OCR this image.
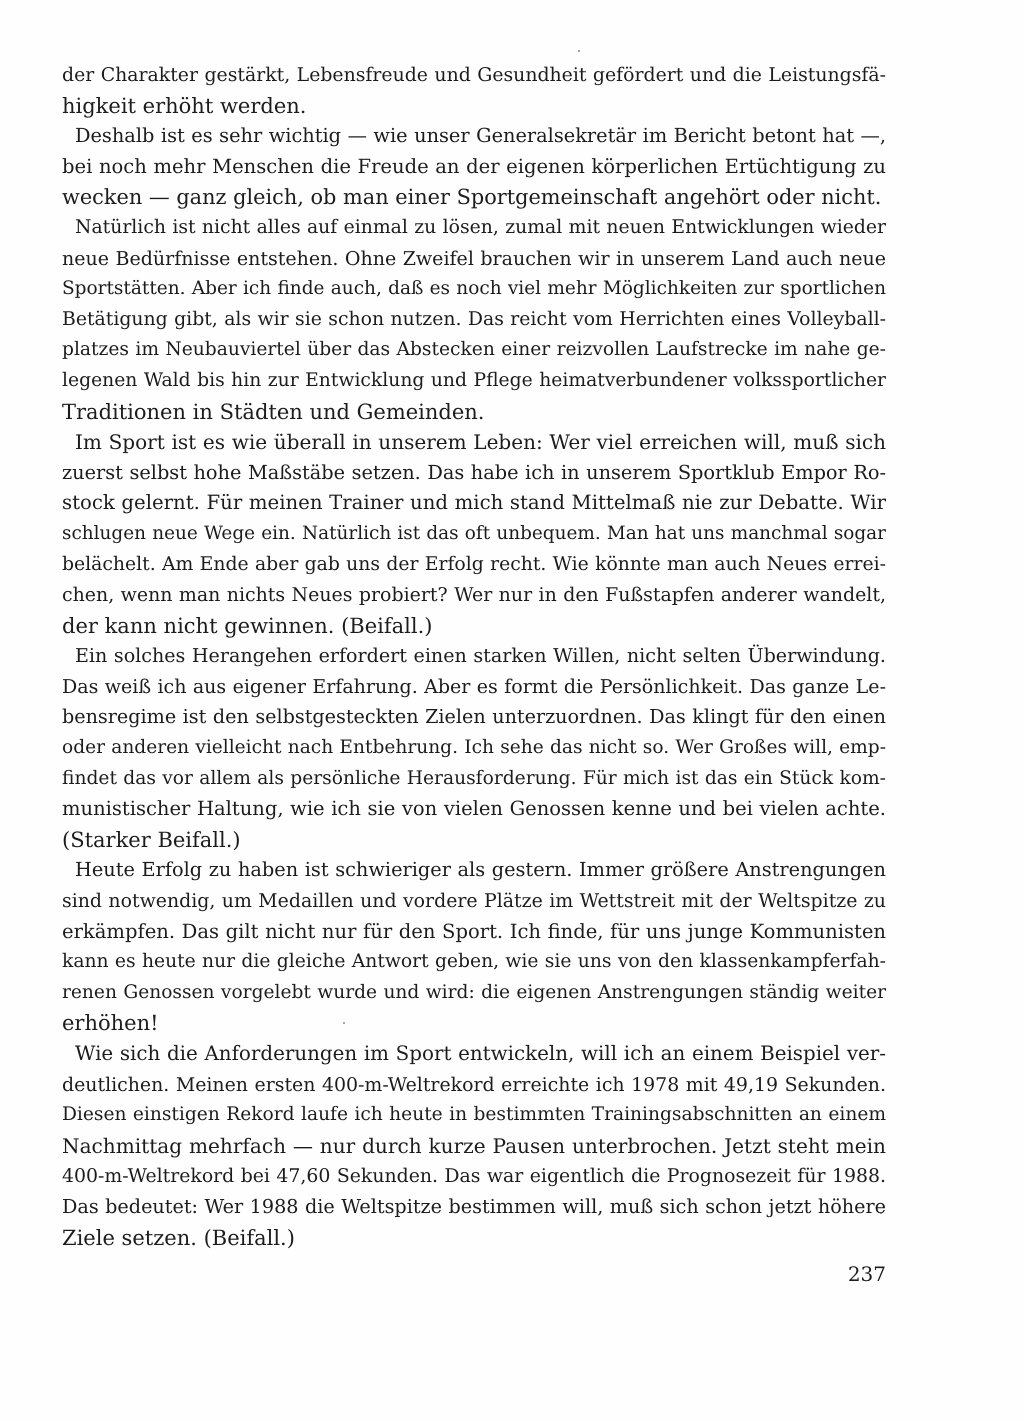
der Charakter gestärkt, Lebensfreude und Gesundheit gefördert und die Leistungsfä-
higkeit erhöht werden.
Deshalb ist es sehr wichtig — wie unser Generalsekretär im Bericht betont hat —,
bei noch mehr Menschen die Freude an der eigenen körperlichen Ertüchtigung zu
wecken — ganz gleich, ob man einer Sportgemeinschaft angehört oder nicht.
Natürlich ist nicht alles auf einmal zu lösen, zumal mit neuen Entwicklungen wieder
neue Bedürfnisse entstehen. Ohne Zweifel brauchen wir in unserem Land auch neue
Sportstätten. Aber ich finde auch, daß es noch viel mehr Möglichkeiten zur sportlichen
Betätigung gibt, als wir sie schon nutzen. Das reicht vom Herrichten eines Volleyball-
platzes im Neubauviertel über das Abstecken einer reizvollen Laufstrecke im nahe ge-
legenen Wald bis hin zur Entwicklung und Pflege heimatverbundener volkssportlicher
Traditionen in Städten und Gemeinden.
Im Sport ist es wie überall in unserem Leben: Wer viel erreichen will, muß sich
zuerst selbst hohe Maßstäbe setzen. Das habe ich in unserem Sportklub Empor Ro-
stock gelernt. Für meinen Trainer und mich stand Mittelmaß nie zur Debatte. Wir
schlugen neue Wege ein. Natürlich ist das oft unbequem. Man hat uns manchmal sogar
belächelt. Am Ende aber gab uns der Erfolg recht. Wie könnte man auch Neues errei-
chen, wenn man nichts Neues probiert? Wer nur in den Fußstapfen anderer wandelt,
der kann nicht gewinnen. (Beifall.)
Ein solches Herangehen erfordert einen starken Willen, nicht selten Überwindung.
Das weiß ich aus eigener Erfahrung. Aber es formt die Persönlichkeit. Das ganze Le-
bensregime ist den selbstgesteckten Zielen unterzuordnen. Das klingt für den einen
oder anderen vielleicht nach Entbehrung. Ich sehe das nicht so. Wer Großes will, emp-
findet das vor allem als persönliche Herausforderung. Für mich ist das ein Stück kom-
munistischer Haltung, wie ich sie von vielen Genossen kenne und bei vielen achte.
(Starker Beifall.)
Heute Erfolg zu haben ist schwieriger als gestern. Immer größere Anstrengungen
sind notwendig, um Medaillen und vordere Plätze im Wettstreit mit der Weltspitze zu
erkämpfen. Das gilt nicht nur für den Sport. Ich finde, für uns junge Kommunisten
kann es heute nur die gleiche Antwort geben, wie sie uns von den klassenkampferfah-
renen Genossen vorgelebt wurde und wird: die eigenen Anstrengungen ständig weiter
erhöhen!
Wie sich die Anforderungen im Sport entwickeln, will ich an einem Beispiel ver-
deutlichen. Meinen ersten 400-m-Weltrekord erreichte ich 1978 mit 49,19 Sekunden.
Diesen einstigen Rekord laufe ich heute in bestimmten Trainingsabschnitten an einem
Nachmittag mehrfach — nur durch kurze Pausen unterbrochen. Jetzt steht mein
400-m-Weltrekord bei 47,60 Sekunden. Das war eigentlich die Prognosezeit für 1988.
Das bedeutet: Wer 1988 die Weltspitze bestimmen will, muß sich schon jetzt höhere
Ziele setzen. (Beifall.)
237
